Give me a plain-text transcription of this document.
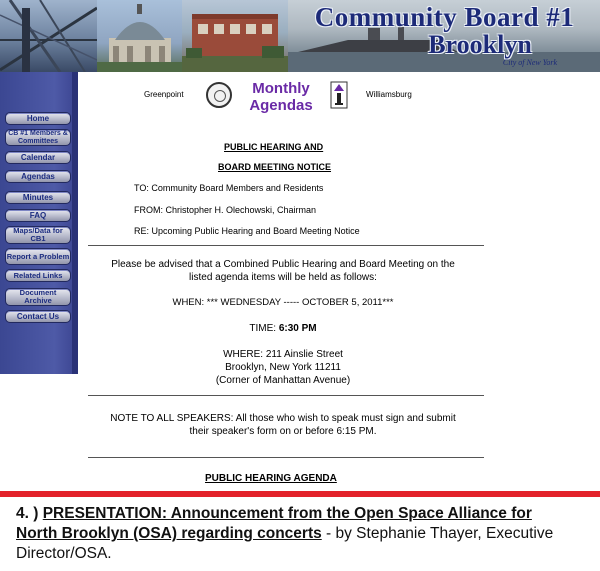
Community Board #1
Brooklyn
City of New York
Home
CB #1 Members & Committees
Calendar
Agendas
Minutes
FAQ
Maps/Data for CB1
Report a Problem
Related Links
Document Archive
Contact Us
Greenpoint	Monthly
Agendas
Williamsburg
PUBLIC HEARING AND
BOARD MEETING NOTICE
TO: Community Board Members and Residents
FROM: Christopher H. Olechowski, Chairman
RE: Upcoming Public Hearing and Board Meeting Notice
Please be advised that a Combined Public Hearing and Board Meeting on the
listed agenda items will be held as follows:
WHEN: *** WEDNESDAY ----- OCTOBER 5, 2011***
TIME: 6:30 PM
WHERE: 211 Ainslie Street
Brooklyn, New York 11211
(Corner of Manhattan Avenue)
NOTE TO ALL SPEAKERS: All those who wish to speak must sign and submit
their speaker's form on or before 6:15 PM.
PUBLIC HEARING AGENDA
4. ) PRESENTATION: Announcement from the Open Space Alliance for
North Brooklyn (OSA) regarding concerts - by Stephanie Thayer, Executive
Director/OSA.
